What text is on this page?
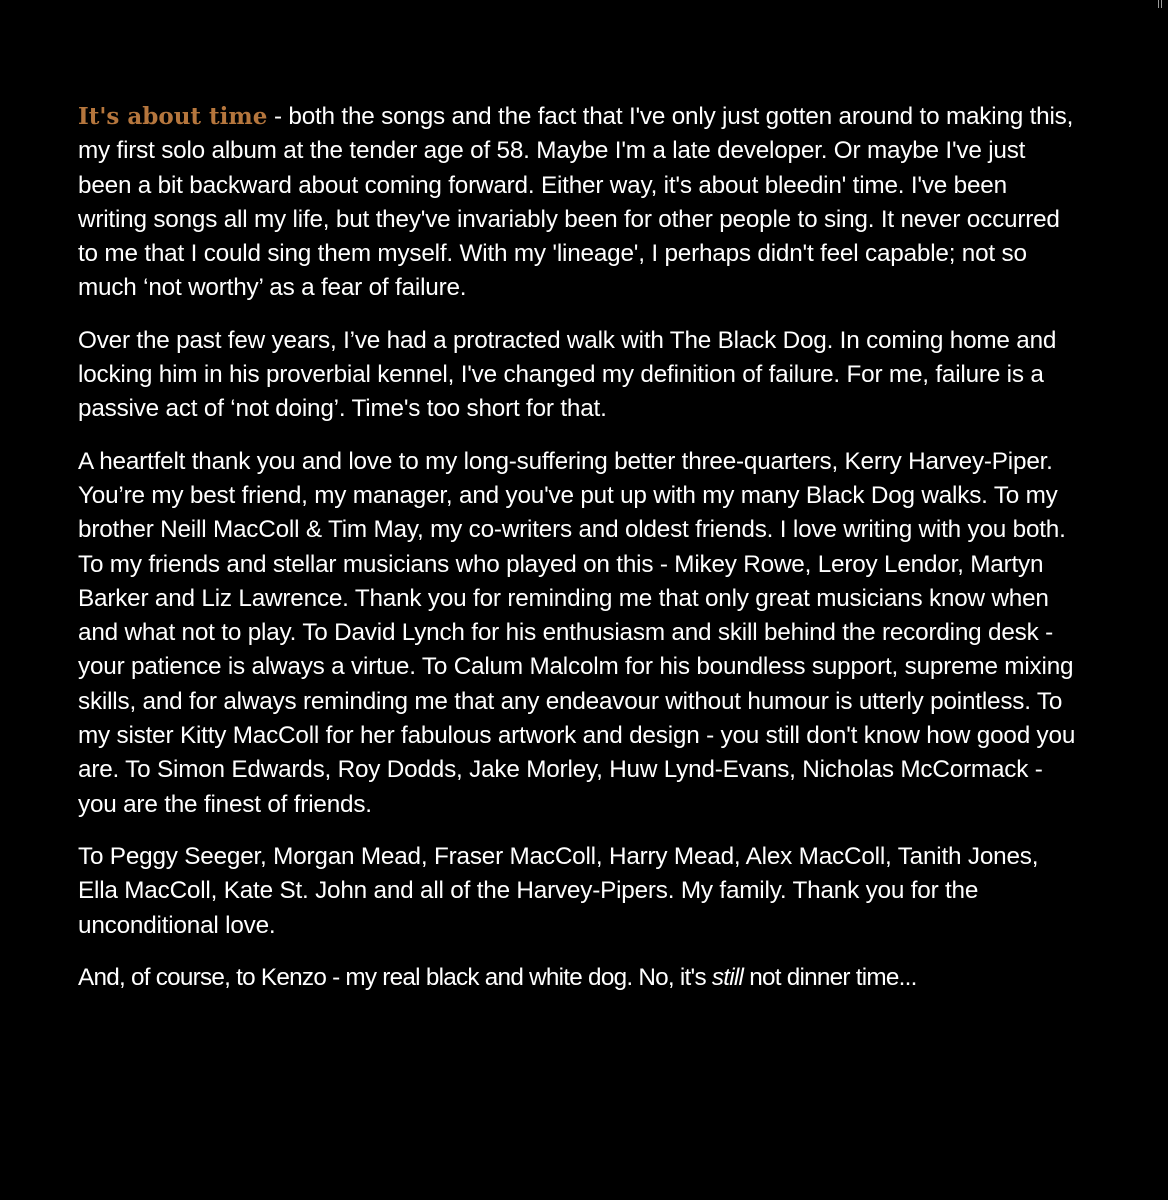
It's about time - both the songs and the fact that I've only just gotten around to making this, my first solo album at the tender age of 58. Maybe I'm a late developer. Or maybe I've just been a bit backward about coming forward. Either way, it's about bleedin' time. I've been writing songs all my life, but they've invariably been for other people to sing. It never occurred to me that I could sing them myself. With my 'lineage', I perhaps didn't feel capable; not so much ‘not worthy’ as a fear of failure.

Over the past few years, I’ve had a protracted walk with The Black Dog. In coming home and locking him in his proverbial kennel, I've changed my definition of failure. For me, failure is a passive act of ‘not doing’. Time's too short for that.

A heartfelt thank you and love to my long-suffering better three-quarters, Kerry Harvey-Piper. You’re my best friend, my manager, and you've put up with my many Black Dog walks. To my brother Neill MacColl & Tim May, my co-writers and oldest friends. I love writing with you both. To my friends and stellar musicians who played on this - Mikey Rowe, Leroy Lendor, Martyn Barker and Liz Lawrence. Thank you for reminding me that only great musicians know when and what not to play. To David Lynch for his enthusiasm and skill behind the recording desk - your patience is always a virtue. To Calum Malcolm for his boundless support, supreme mixing skills, and for always reminding me that any endeavour without humour is utterly pointless. To my sister Kitty MacColl for her fabulous artwork and design - you still don't know how good you are. To Simon Edwards, Roy Dodds, Jake Morley, Huw Lynd-Evans, Nicholas McCormack - you are the finest of friends.

To Peggy Seeger, Morgan Mead, Fraser MacColl, Harry Mead, Alex MacColl, Tanith Jones, Ella MacColl, Kate St. John and all of the Harvey-Pipers. My family. Thank you for the unconditional love.

And, of course, to Kenzo - my real black and white dog. No, it's still not dinner time...
